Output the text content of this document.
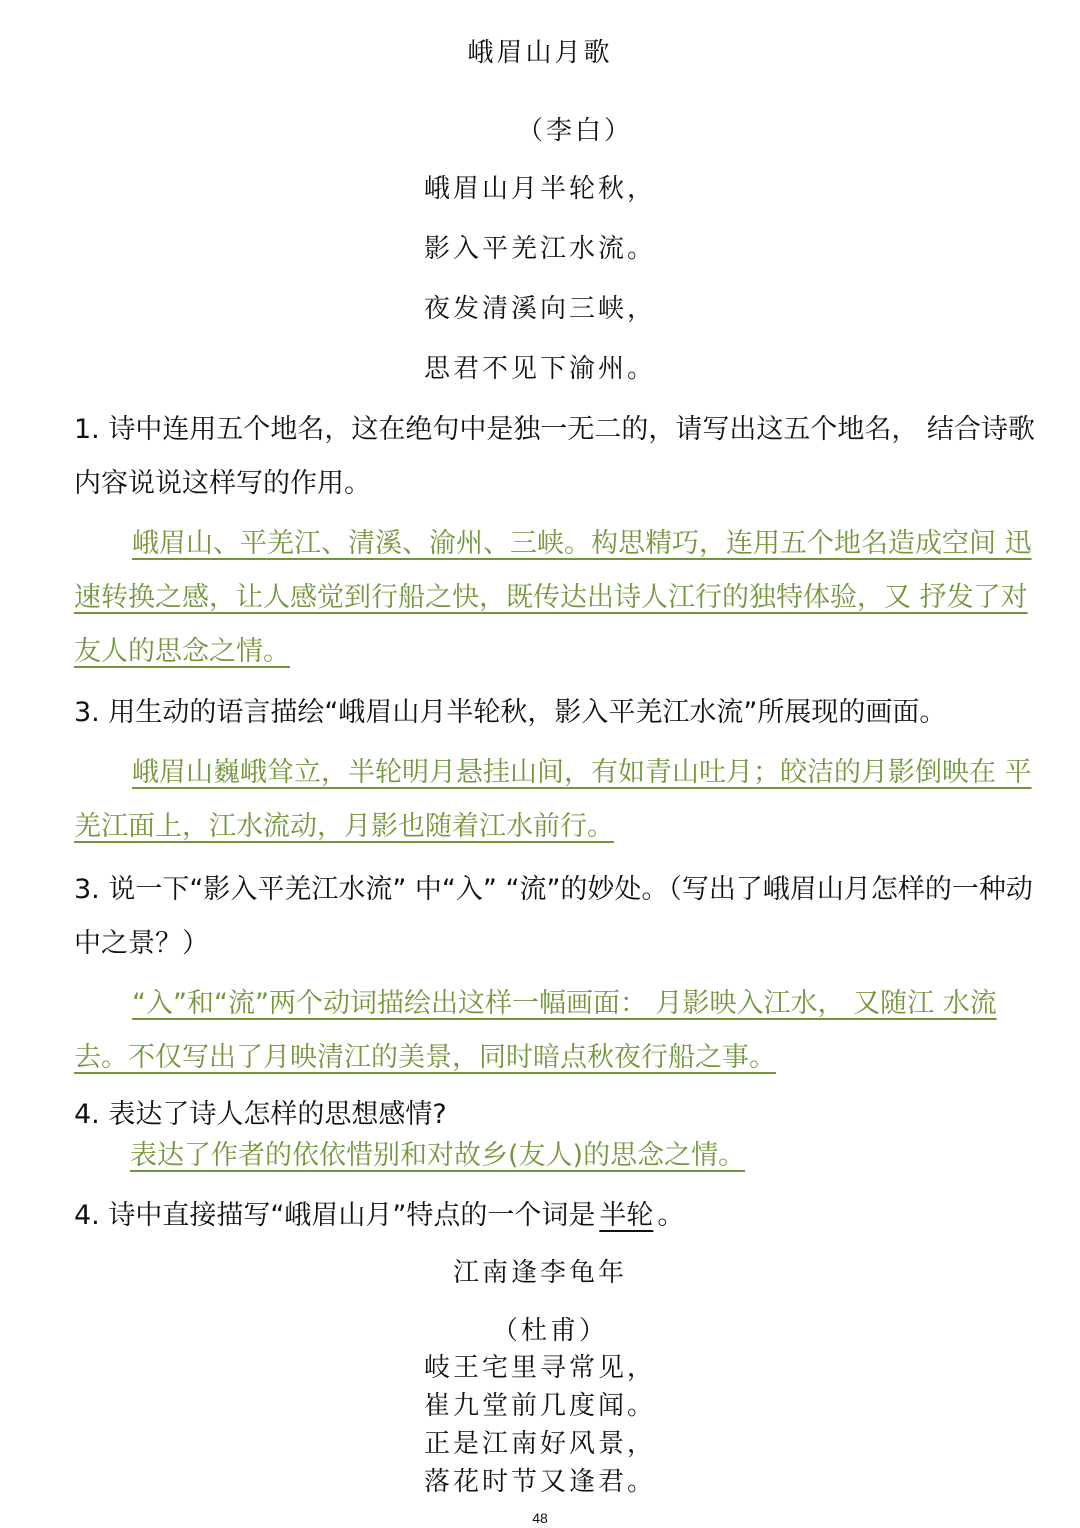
峨眉山月歌
（李白）
峨眉山月半轮秋，
影入平羌江水流。
夜发清溪向三峡，
思君不见下渝州。
1. 诗中连用五个地名，这在绝句中是独一无二的，请写出这五个地名， 结合诗歌内容说说这样写的作用。
峨眉山、平羌江、清溪、渝州、三峡。构思精巧，连用五个地名造成空间 迅速转换之感，让人感觉到行船之快，既传达出诗人江行的独特体验，又 抒发了对友人的思念之情。
3. 用生动的语言描绘“峨眉山月半轮秋，影入平羌江水流”所展现的画面。
峨眉山巍峨耸立，半轮明月悬挂山间，有如青山吐月；皎洁的月影倒映在 平羌江面上，江水流动，月影也随着江水前行。
3. 说一下“影入平羌江水流” 中“入” “流”的妙处。（写出了峨眉山月怎样的一种动中之景？）
“入”和“流”两个动词描绘出这样一幅画面： 月影映入江水， 又随江 水流去。不仅写出了月映清江的美景，同时暗点秋夜行船之事。
4. 表达了诗人怎样的思想感情?
表达了作者的依依惜别和对故乡(友人)的思念之情。
4. 诗中直接描写“峨眉山月”特点的一个词是 半轮 。
江南逢李龟年
（杜甫）
岐王宅里寻常见，
崔九堂前几度闻。
正是江南好风景，
落花时节又逢君。
48
